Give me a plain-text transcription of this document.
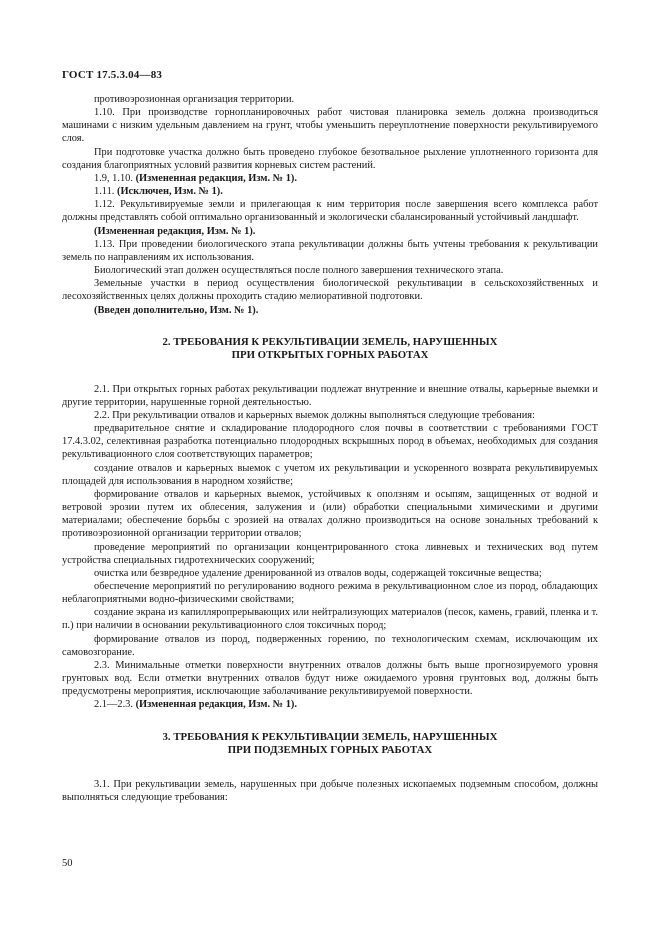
ГОСТ 17.5.3.04—83

противоэрозионная организация территории.

1.10. При производстве горнопланировочных работ чистовая планировка земель должна производиться машинами с низким удельным давлением на грунт, чтобы уменьшить переуплотнение поверхности рекультивируемого слоя.

При подготовке участка должно быть проведено глубокое безотвальное рыхление уплотненного горизонта для создания благоприятных условий развития корневых систем растений.

1.9, 1.10. (Измененная редакция, Изм. № 1).

1.11. (Исключен, Изм. № 1).

1.12. Рекультивируемые земли и прилегающая к ним территория после завершения всего комплекса работ должны представлять собой оптимально организованный и экологически сбалансированный устойчивый ландшафт.

(Измененная редакция, Изм. № 1).

1.13. При проведении биологического этапа рекультивации должны быть учтены требования к рекультивации земель по направлениям их использования.

Биологический этап должен осуществляться после полного завершения технического этапа.

Земельные участки в период осуществления биологической рекультивации в сельскохозяйственных и лесохозяйственных целях должны проходить стадию мелиоративной подготовки.

(Введен дополнительно, Изм. № 1).

2. ТРЕБОВАНИЯ К РЕКУЛЬТИВАЦИИ ЗЕМЕЛЬ, НАРУШЕННЫХ
ПРИ ОТКРЫТЫХ ГОРНЫХ РАБОТАХ

2.1. При открытых горных работах рекультивации подлежат внутренние и внешние отвалы, карьерные выемки и другие территории, нарушенные горной деятельностью.

2.2. При рекультивации отвалов и карьерных выемок должны выполняться следующие требования:

предварительное снятие и складирование плодородного слоя почвы в соответствии с требованиями ГОСТ 17.4.3.02, селективная разработка потенциально плодородных вскрышных пород в объемах, необходимых для создания рекультивационного слоя соответствующих параметров;

создание отвалов и карьерных выемок с учетом их рекультивации и ускоренного возврата рекультивируемых площадей для использования в народном хозяйстве;

формирование отвалов и карьерных выемок, устойчивых к оползням и осыпям, защищенных от водной и ветровой эрозии путем их облесения, залужения и (или) обработки специальными химическими и другими материалами; обеспечение борьбы с эрозией на отвалах должно производиться на основе зональных требований к противоэрозионной организации территории отвалов;

проведение мероприятий по организации концентрированного стока ливневых и технических вод путем устройства специальных гидротехнических сооружений;

очистка или безвредное удаление дренированной из отвалов воды, содержащей токсичные вещества;

обеспечение мероприятий по регулированию водного режима в рекультивационном слое из пород, обладающих неблагоприятными водно-физическими свойствами;

создание экрана из капилляропрерывающих или нейтрализующих материалов (песок, камень, гравий, пленка и т. п.) при наличии в основании рекультивационного слоя токсичных пород;

формирование отвалов из пород, подверженных горению, по технологическим схемам, исключающим их самовозгорание.

2.3. Минимальные отметки поверхности внутренних отвалов должны быть выше прогнозируемого уровня грунтовых вод. Если отметки внутренних отвалов будут ниже ожидаемого уровня грунтовых вод, должны быть предусмотрены мероприятия, исключающие заболачивание рекультивируемой поверхности.

2.1—2.3. (Измененная редакция, Изм. № 1).

3. ТРЕБОВАНИЯ К РЕКУЛЬТИВАЦИИ ЗЕМЕЛЬ, НАРУШЕННЫХ
ПРИ ПОДЗЕМНЫХ ГОРНЫХ РАБОТАХ

3.1. При рекультивации земель, нарушенных при добыче полезных ископаемых подземным способом, должны выполняться следующие требования:

50
